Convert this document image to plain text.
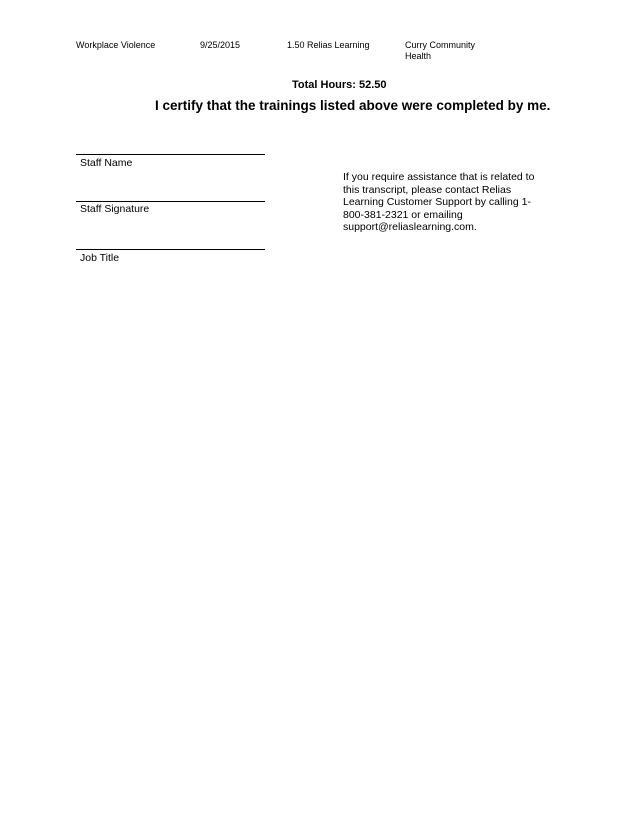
Workplace Violence	9/25/2015	1.50 Relias Learning	Curry Community Health
Total Hours: 52.50
I certify that the trainings listed above were completed by me.
Staff Name
Staff Signature
Job Title
If you require assistance that is related to this transcript, please contact Relias Learning Customer Support by calling 1-800-381-2321 or emailing support@reliaslearning.com.
